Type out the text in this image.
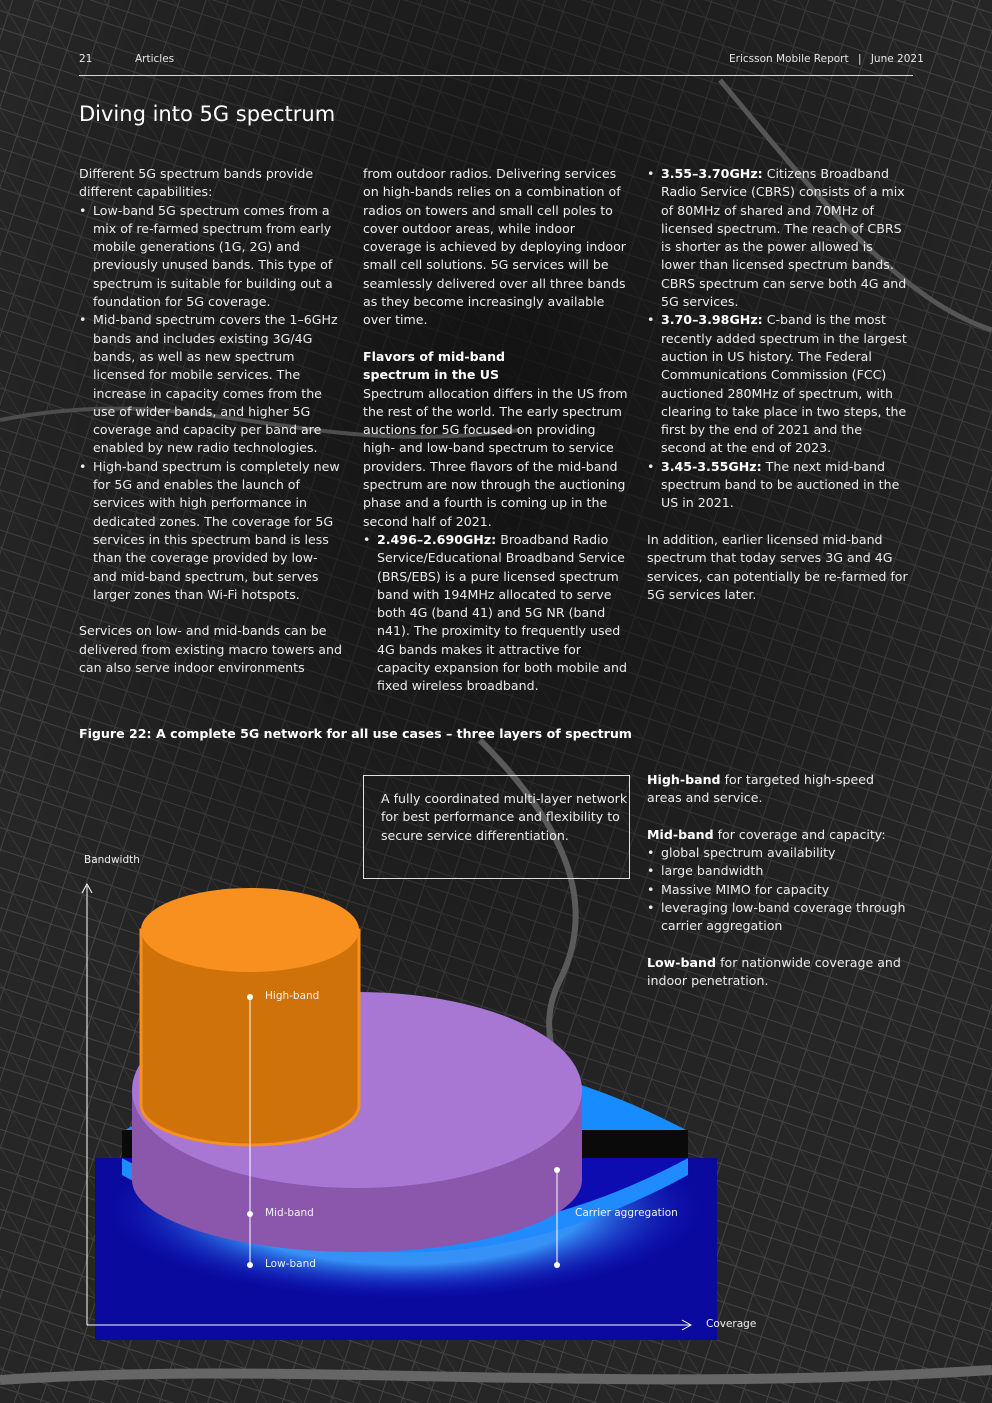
21	Articles	Ericsson Mobile Report | June 2021
Diving into 5G spectrum

Different 5G spectrum bands provide different capabilities:

• Low-band 5G spectrum comes from a mix of re-farmed spectrum from early mobile generations (1G, 2G) and previously unused bands. This type of spectrum is suitable for building out a foundation for 5G coverage.
• Mid-band spectrum covers the 1–6GHz bands and includes existing 3G/4G bands, as well as new spectrum licensed for mobile services. The increase in capacity comes from the use of wider bands, and higher 5G coverage and capacity per band are enabled by new radio technologies.
• High-band spectrum is completely new for 5G and enables the launch of services with high performance in dedicated zones. The coverage for 5G services in this spectrum band is less than the coverage provided by low- and mid-band spectrum, but serves larger zones than Wi-Fi hotspots.

Services on low- and mid-bands can be delivered from existing macro towers and can also serve indoor environments

from outdoor radios. Delivering services on high-bands relies on a combination of radios on towers and small cell poles to cover outdoor areas, while indoor coverage is achieved by deploying indoor small cell solutions. 5G services will be seamlessly delivered over all three bands as they become increasingly available over time.

Flavors of mid-band spectrum in the US

Spectrum allocation differs in the US from the rest of the world. The early spectrum auctions for 5G focused on providing high- and low-band spectrum to service providers. Three flavors of the mid-band spectrum are now through the auctioning phase and a fourth is coming up in the second half of 2021.

• 2.496–2.690GHz: Broadband Radio Service/Educational Broadband Service (BRS/EBS) is a pure licensed spectrum band with 194MHz allocated to serve both 4G (band 41) and 5G NR (band n41). The proximity to frequently used 4G bands makes it attractive for capacity expansion for both mobile and fixed wireless broadband.
• 3.55–3.70GHz: Citizens Broadband Radio Service (CBRS) consists of a mix of 80MHz of shared and 70MHz of licensed spectrum. The reach of CBRS is shorter as the power allowed is lower than licensed spectrum bands. CBRS spectrum can serve both 4G and 5G services.
• 3.70–3.98GHz: C-band is the most recently added spectrum in the largest auction in US history. The Federal Communications Commission (FCC) auctioned 280MHz of spectrum, with clearing to take place in two steps, the first by the end of 2021 and the second at the end of 2023.
• 3.45-3.55GHz: The next mid-band spectrum band to be auctioned in the US in 2021.

In addition, earlier licensed mid-band spectrum that today serves 3G and 4G services, can potentially be re-farmed for 5G services later.

Figure 22: A complete 5G network for all use cases – three layers of spectrum
A fully coordinated multi-layer network for best performance and flexibility to secure service differentiation.

High-band for targeted high-speed areas and service.

Mid-band for coverage and capacity:

• global spectrum availability
• large bandwidth
• Massive MIMO for capacity
• leveraging low-band coverage through carrier aggregation

Low-band for nationwide coverage and indoor penetration.

Bandwidth
Coverage
High-band
Mid-band
Low-band
Carrier aggregation
